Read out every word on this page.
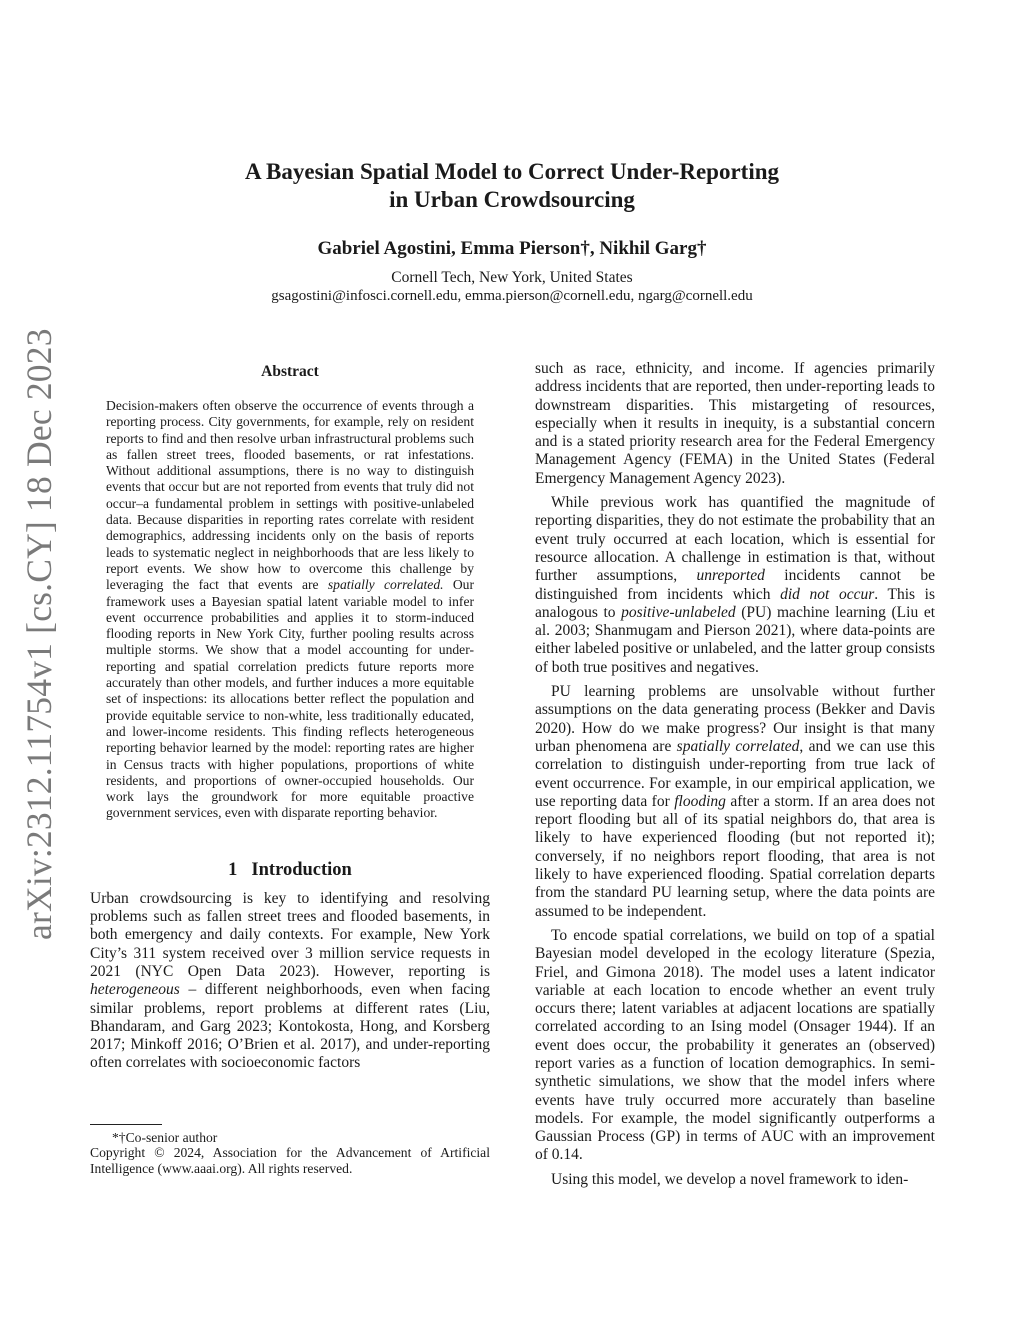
arXiv:2312.11754v1 [cs.CY] 18 Dec 2023
A Bayesian Spatial Model to Correct Under-Reporting
in Urban Crowdsourcing
Gabriel Agostini, Emma Pierson†, Nikhil Garg†
Cornell Tech, New York, United States
gsagostini@infosci.cornell.edu, emma.pierson@cornell.edu, ngarg@cornell.edu
Abstract

Decision-makers often observe the occurrence of events through a reporting process. City governments, for example, rely on resident reports to find and then resolve urban infrastructural problems such as fallen street trees, flooded basements, or rat infestations. Without additional assumptions, there is no way to distinguish events that occur but are not reported from events that truly did not occur–a fundamental problem in settings with positive-unlabeled data. Because disparities in reporting rates correlate with resident demographics, addressing incidents only on the basis of reports leads to systematic neglect in neighborhoods that are less likely to report events. We show how to overcome this challenge by leveraging the fact that events are spatially correlated. Our framework uses a Bayesian spatial latent variable model to infer event occurrence probabilities and applies it to storm-induced flooding reports in New York City, further pooling results across multiple storms. We show that a model accounting for under-reporting and spatial correlation predicts future reports more accurately than other models, and further induces a more equitable set of inspections: its allocations better reflect the population and provide equitable service to non-white, less traditionally educated, and lower-income residents. This finding reflects heterogeneous reporting behavior learned by the model: reporting rates are higher in Census tracts with higher populations, proportions of white residents, and proportions of owner-occupied households. Our work lays the groundwork for more equitable proactive government services, even with disparate reporting behavior.

1 Introduction

Urban crowdsourcing is key to identifying and resolving problems such as fallen street trees and flooded basements, in both emergency and daily contexts. For example, New York City’s 311 system received over 3 million service requests in 2021 (NYC Open Data 2023). However, reporting is heterogeneous – different neighborhoods, even when facing similar problems, report problems at different rates (Liu, Bhandaram, and Garg 2023; Kontokosta, Hong, and Korsberg 2017; Minkoff 2016; O’Brien et al. 2017), and under-reporting often correlates with socioeconomic factors

*†Co-senior author
Copyright © 2024, Association for the Advancement of Artificial Intelligence (www.aaai.org). All rights reserved.

such as race, ethnicity, and income. If agencies primarily address incidents that are reported, then under-reporting leads to downstream disparities. This mistargeting of resources, especially when it results in inequity, is a substantial concern and is a stated priority research area for the Federal Emergency Management Agency (FEMA) in the United States (Federal Emergency Management Agency 2023).

While previous work has quantified the magnitude of reporting disparities, they do not estimate the probability that an event truly occurred at each location, which is essential for resource allocation. A challenge in estimation is that, without further assumptions, unreported incidents cannot be distinguished from incidents which did not occur. This is analogous to positive-unlabeled (PU) machine learning (Liu et al. 2003; Shanmugam and Pierson 2021), where data-points are either labeled positive or unlabeled, and the latter group consists of both true positives and negatives.

PU learning problems are unsolvable without further assumptions on the data generating process (Bekker and Davis 2020). How do we make progress? Our insight is that many urban phenomena are spatially correlated, and we can use this correlation to distinguish under-reporting from true lack of event occurrence. For example, in our empirical application, we use reporting data for flooding after a storm. If an area does not report flooding but all of its spatial neighbors do, that area is likely to have experienced flooding (but not reported it); conversely, if no neighbors report flooding, that area is not likely to have experienced flooding. Spatial correlation departs from the standard PU learning setup, where the data points are assumed to be independent.

To encode spatial correlations, we build on top of a spatial Bayesian model developed in the ecology literature (Spezia, Friel, and Gimona 2018). The model uses a latent indicator variable at each location to encode whether an event truly occurs there; latent variables at adjacent locations are spatially correlated according to an Ising model (Onsager 1944). If an event does occur, the probability it generates an (observed) report varies as a function of location demographics. In semi-synthetic simulations, we show that the model infers where events have truly occurred more accurately than baseline models. For example, the model significantly outperforms a Gaussian Process (GP) in terms of AUC with an improvement of 0.14.

Using this model, we develop a novel framework to iden-
